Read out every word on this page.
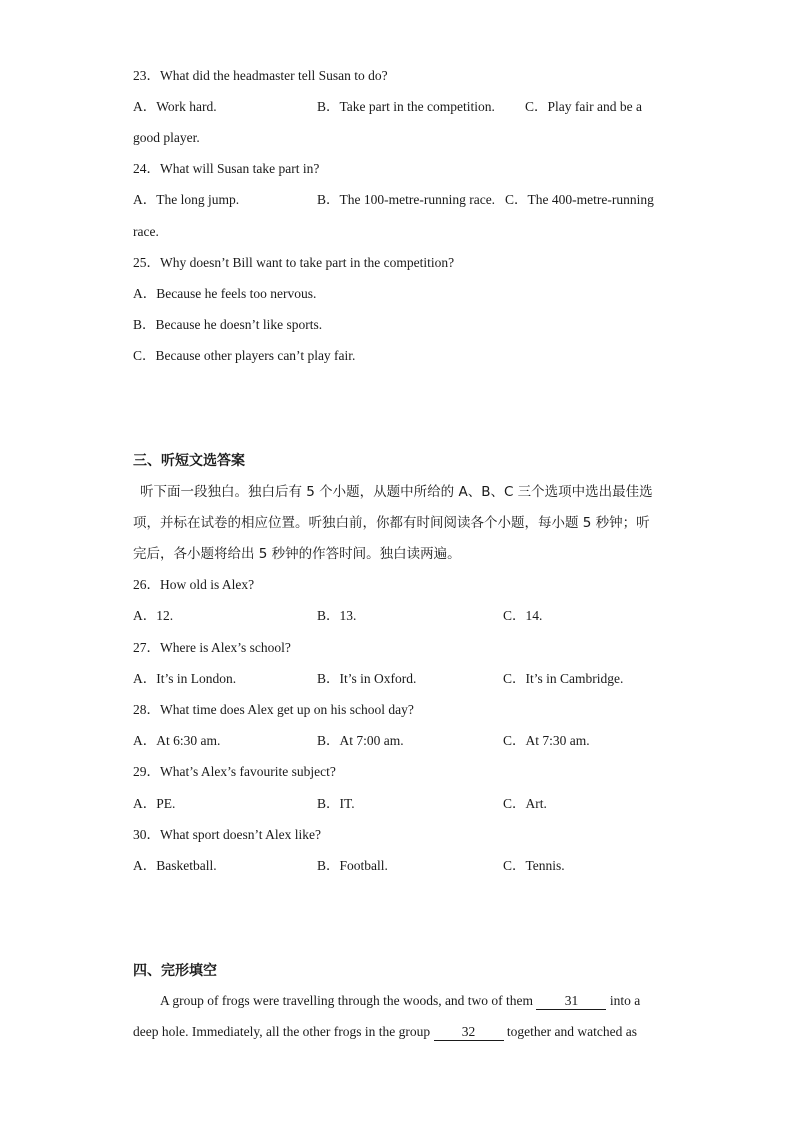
23．What did the headmaster tell Susan to do?
A．Work hard.	B．Take part in the competition. C．Play fair and be a
good player.
24．What will Susan take part in?
A．The long jump.	B．The 100-metre-running race. C．The 400-metre-running
race.
25．Why doesn’t Bill want to take part in the competition?
A．Because he feels too nervous.
B．Because he doesn’t like sports.
C．Because other players can’t play fair.
三、听短文选答案
听下面一段独白。独白后有 5 个小题，从题中所给的 A、B、C 三个选项中选出最佳选
项，并标在试卷的相应位置。听独白前，你都有时间阅读各个小题，每小题 5 秒钟；听
完后，各小题将给出 5 秒钟的作答时间。独白读两遍。
26．How old is Alex?
A．12.	B．13.	C．14.
27．Where is Alex’s school?
A．It’s in London.	B．It’s in Oxford.	C．It’s in Cambridge.
28．What time does Alex get up on his school day?
A．At 6:30 am.	B．At 7:00 am.	C．At 7:30 am.
29．What’s Alex’s favourite subject?
A．PE.	B．IT.	C．Art.
30．What sport doesn’t Alex like?
A．Basketball.	B．Football.	C．Tennis.
四、完形填空
A group of frogs were travelling through the woods, and two of them 31 into a
deep hole. Immediately, all the other frogs in the group 32 together and watched as
